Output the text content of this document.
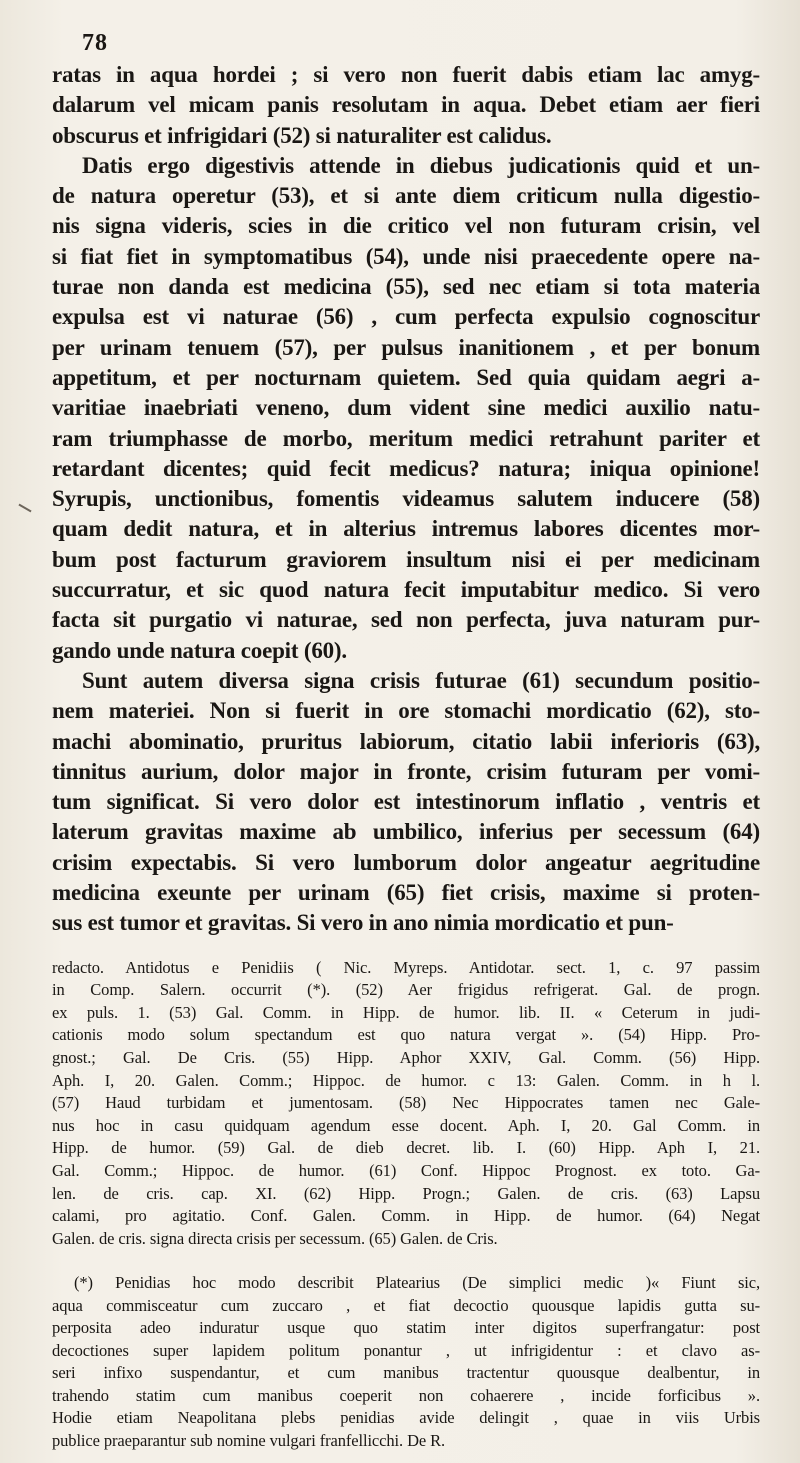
78
ratas in aqua hordei ; si vero non fuerit dabis etiam lac amyg-
dalarum vel micam panis resolutam in aqua. Debet etiam aer fieri
obscurus et infrigidari (52) si naturaliter est calidus.
Datis ergo digestivis attende in diebus judicationis quid et un-
de natura operetur (53), et si ante diem criticum nulla digestio-
nis signa videris, scies in die critico vel non futuram crisin, vel
si fiat fiet in symptomatibus (54), unde nisi praecedente opere na-
turae non danda est medicina (55), sed nec etiam si tota materia
expulsa est vi naturae (56) , cum perfecta expulsio cognoscitur
per urinam tenuem (57), per pulsus inanitionem , et per bonum
appetitum, et per nocturnam quietem. Sed quia quidam aegri a-
varitiae inaebriati veneno, dum vident sine medici auxilio natu-
ram triumphasse de morbo, meritum medici retrahunt pariter et
retardant dicentes; quid fecit medicus? natura; iniqua opinione!
Syrupis, unctionibus, fomentis videamus salutem inducere (58)
quam dedit natura, et in alterius intremus labores dicentes mor-
bum post facturum graviorem insultum nisi ei per medicinam
succurratur, et sic quod natura fecit imputabitur medico. Si vero
facta sit purgatio vi naturae, sed non perfecta, juva naturam pur-
gando unde natura coepit (60).
Sunt autem diversa signa crisis futurae (61) secundum positio-
nem materiei. Non si fuerit in ore stomachi mordicatio (62), sto-
machi abominatio, pruritus labiorum, citatio labii inferioris (63),
tinnitus aurium, dolor major in fronte, crisim futuram per vomi-
tum significat. Si vero dolor est intestinorum inflatio , ventris et
laterum gravitas maxime ab umbilico, inferius per secessum (64)
crisim expectabis. Si vero lumborum dolor angeatur aegritudine
medicina exeunte per urinam (65) fiet crisis, maxime si proten-
sus est tumor et gravitas. Si vero in ano nimia mordicatio et pun-
redacto. Antidotus e Penidiis ( Nic. Myreps. Antidotar. sect. 1, c. 97 passim
in Comp. Salern. occurrit (*). (52) Aer frigidus refrigerat. Gal. de progn.
ex puls. 1. (53) Gal. Comm. in Hipp. de humor. lib. II. « Ceterum in judi-
cationis modo solum spectandum est quo natura vergat ». (54) Hipp. Pro-
gnost.; Gal. De Cris. (55) Hipp. Aphor XXIV, Gal. Comm. (56) Hipp.
Aph. I, 20. Galen. Comm.; Hippoc. de humor. c 13: Galen. Comm. in h l.
(57) Haud turbidam et jumentosam. (58) Nec Hippocrates tamen nec Gale-
nus hoc in casu quidquam agendum esse docent. Aph. I, 20. Gal Comm. in
Hipp. de humor. (59) Gal. de dieb decret. lib. I. (60) Hipp. Aph I, 21.
Gal. Comm.; Hippoc. de humor. (61) Conf. Hippoc Prognost. ex toto. Ga-
len. de cris. cap. XI. (62) Hipp. Progn.; Galen. de cris. (63) Lapsu
calami, pro agitatio. Conf. Galen. Comm. in Hipp. de humor. (64) Negat
Galen. de cris. signa directa crisis per secessum. (65) Galen. de Cris.
(*) Penidias hoc modo describit Platearius (De simplici medic )« Fiunt sic,
aqua commisceatur cum zuccaro , et fiat decoctio quousque lapidis gutta su-
perposita adeo induratur usque quo statim inter digitos superfrangatur: post
decoctiones super lapidem politum ponantur , ut infrigidentur : et clavo as-
seri infixo suspendantur, et cum manibus tractentur quousque dealbentur, in
trahendo statim cum manibus coeperit non cohaerere , incide forficibus ».
Hodie etiam Neapolitana plebs penidias avide delingit , quae in viis Urbis
publice praeparantur sub nomine vulgari franfellicchi. De R.
